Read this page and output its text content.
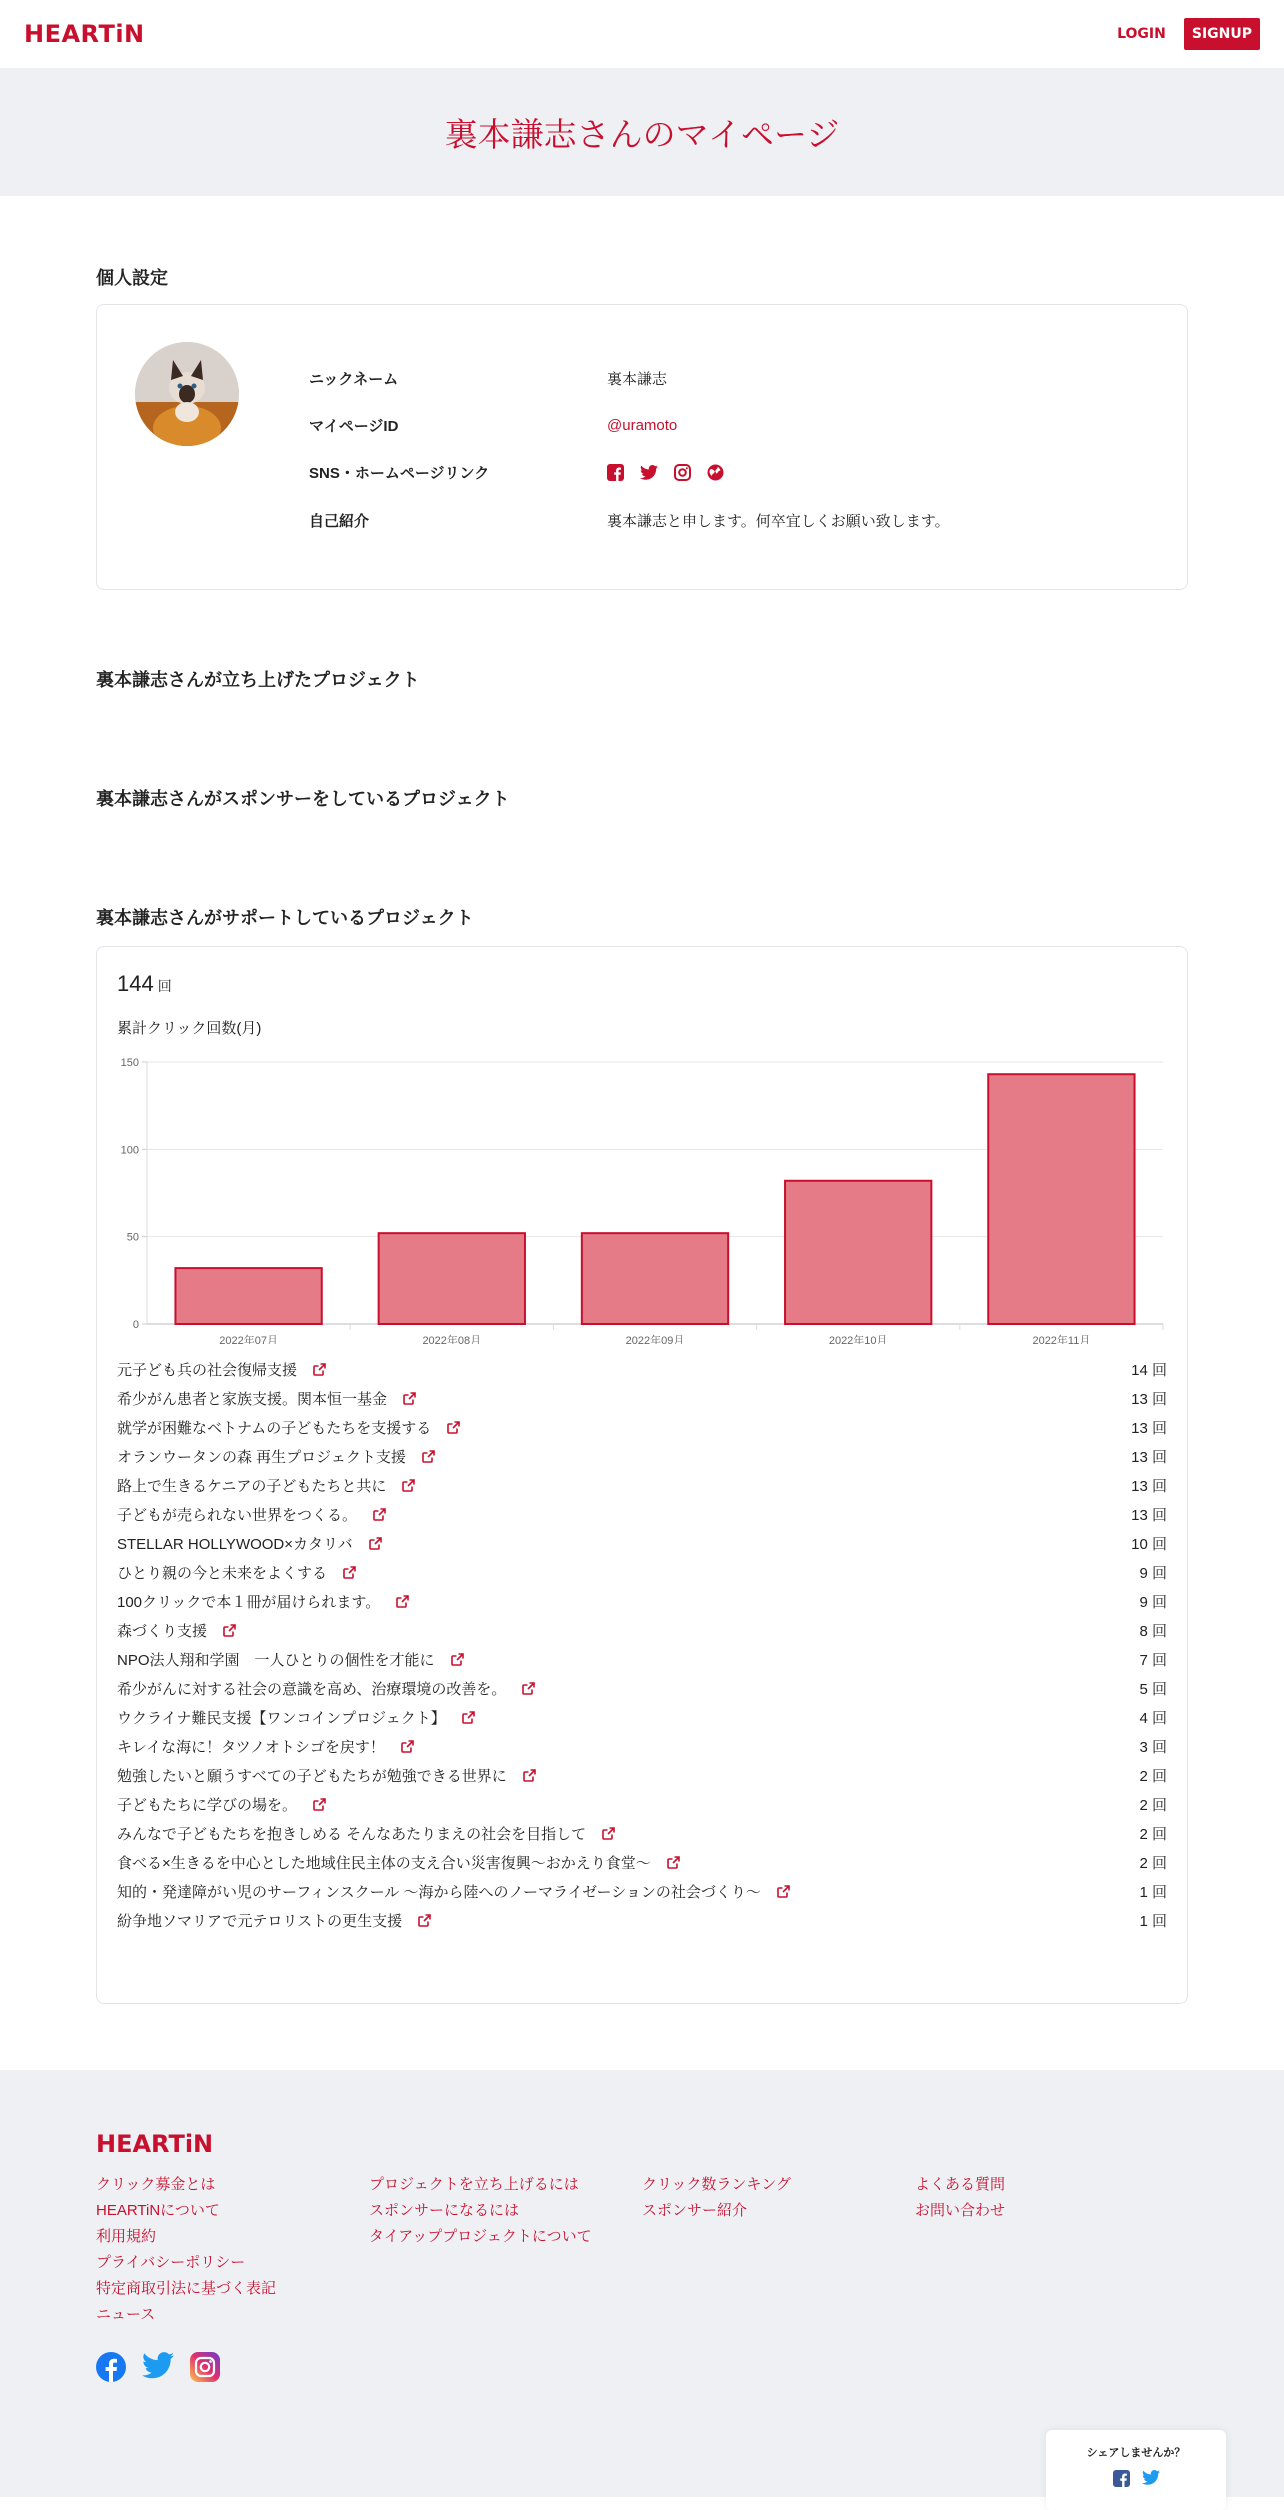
HEARTiN	LOGIN	SIGNUP
裏本謙志さんのマイページ
個人設定
ニックネーム	裏本謙志
マイページID	@uramoto
SNS・ホームページリンク
自己紹介	裏本謙志と申します。何卒宜しくお願い致します。
裏本謙志さんが立ち上げたプロジェクト
裏本謙志さんがスポンサーをしているプロジェクト
裏本謙志さんがサポートしているプロジェクト
144 回
累計クリック回数(月)
0
50
100
150
2022年07月	2022年08月	2022年09月	2022年10月	2022年11月
元子ども兵の社会復帰支援	14 回
希少がん患者と家族支援。関本恒一基金	13 回
就学が困難なベトナムの子どもたちを支援する	13 回
オランウータンの森 再生プロジェクト支援	13 回
路上で生きるケニアの子どもたちと共に	13 回
子どもが売られない世界をつくる。	13 回
STELLAR HOLLYWOOD×カタリバ	10 回
ひとり親の今と未来をよくする	9 回
100クリックで本１冊が届けられます。	9 回
森づくり支援	8 回
NPO法人翔和学園　一人ひとりの個性を才能に	7 回
希少がんに対する社会の意識を高め、治療環境の改善を。	5 回
ウクライナ難民支援【ワンコインプロジェクト】	4 回
キレイな海に！タツノオトシゴを戻す！	3 回
勉強したいと願うすべての子どもたちが勉強できる世界に	2 回
子どもたちに学びの場を。	2 回
みんなで子どもたちを抱きしめる そんなあたりまえの社会を目指して	2 回
食べる×生きるを中心とした地域住民主体の支え合い災害復興～おかえり食堂～	2 回
知的・発達障がい児のサーフィンスクール ～海から陸へのノーマライゼーションの社会づくり～	1 回
紛争地ソマリアで元テロリストの更生支援	1 回
HEARTiN
クリック募金とは
HEARTiNについて
利用規約
プライバシーポリシー
特定商取引法に基づく表記
ニュース
プロジェクトを立ち上げるには
スポンサーになるには
タイアッププロジェクトについて
クリック数ランキング
スポンサー紹介
よくある質問
お問い合わせ
シェアしませんか？
